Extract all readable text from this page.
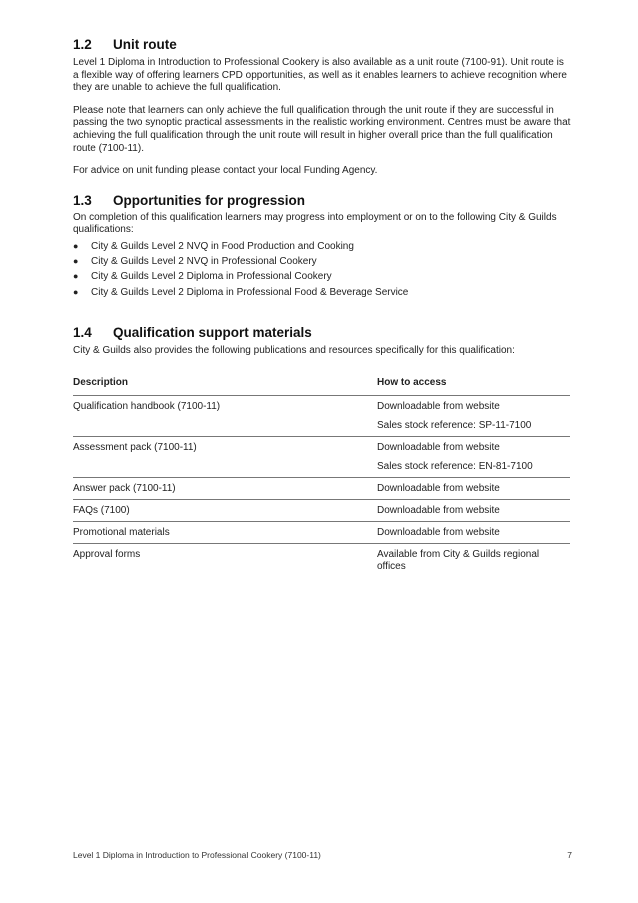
1.2	Unit route

Level 1 Diploma in Introduction to Professional Cookery is also available as a unit route (7100-91). Unit route is a flexible way of offering learners CPD opportunities, as well as it enables learners to achieve recognition where they are unable to achieve the full qualification.

Please note that learners can only achieve the full qualification through the unit route if they are successful in passing the two synoptic practical assessments in the realistic working environment. Centres must be aware that achieving the full qualification through the unit route will result in higher overall price than the full qualification route (7100-11).

For advice on unit funding please contact your local Funding Agency.

1.3	Opportunities for progression

On completion of this qualification learners may progress into employment or on to the following City & Guilds qualifications:

●	City & Guilds Level 2 NVQ in Food Production and Cooking
●	City & Guilds Level 2 NVQ in Professional Cookery
●	City & Guilds Level 2 Diploma in Professional Cookery
●	City & Guilds Level 2 Diploma in Professional Food & Beverage Service
1.4	Qualification support materials

City & Guilds also provides the following publications and resources specifically for this qualification:

Description	How to access
Qualification handbook (7100-11)	Downloadable from website
Sales stock reference: SP-11-7100

Assessment pack (7100-11)	Downloadable from website
Sales stock reference: EN-81-7100

Answer pack (7100-11)	Downloadable from website
FAQs (7100)	Downloadable from website
Promotional materials	Downloadable from website
Approval forms	Available from City & Guilds regional offices
Level 1 Diploma in Introduction to Professional Cookery (7100-11)	7
